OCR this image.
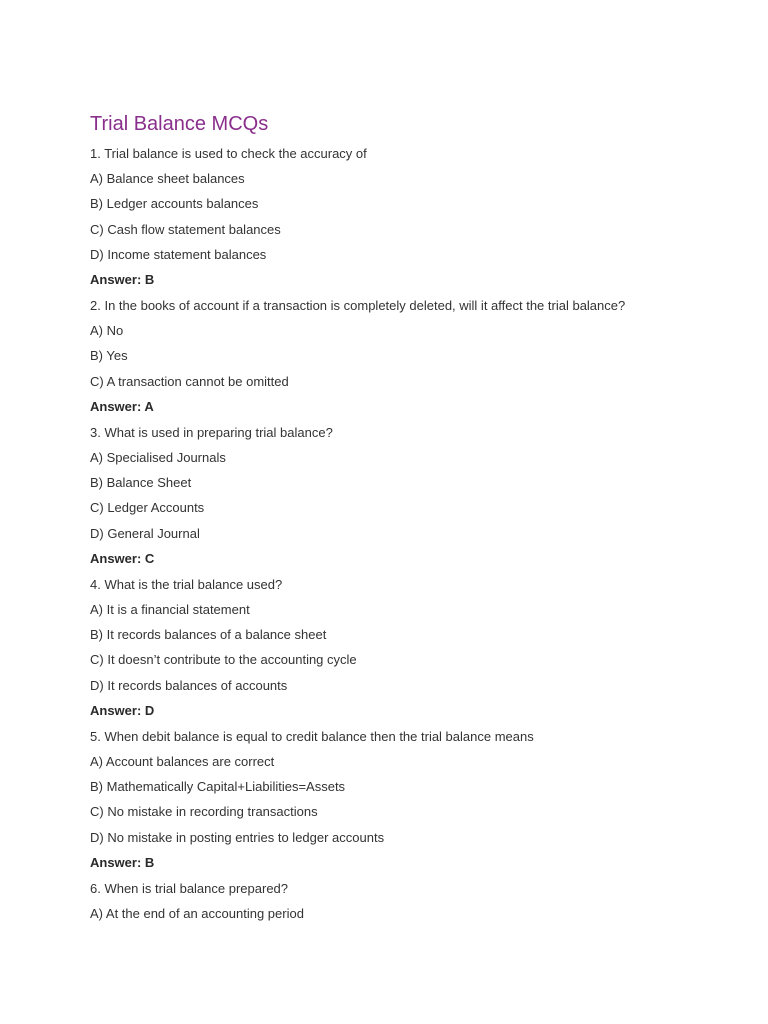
Trial Balance MCQs

1. Trial balance is used to check the accuracy of

A) Balance sheet balances

B) Ledger accounts balances

C) Cash flow statement balances

D) Income statement balances

Answer: B

2. In the books of account if a transaction is completely deleted, will it affect the trial balance?

A) No

B) Yes

C) A transaction cannot be omitted

Answer: A

3. What is used in preparing trial balance?

A) Specialised Journals

B) Balance Sheet

C) Ledger Accounts

D) General Journal

Answer: C

4. What is the trial balance used?

A) It is a financial statement

B) It records balances of a balance sheet

C) It doesn’t contribute to the accounting cycle

D) It records balances of accounts

Answer: D

5. When debit balance is equal to credit balance then the trial balance means

A) Account balances are correct

B) Mathematically Capital+Liabilities=Assets

C) No mistake in recording transactions

D) No mistake in posting entries to ledger accounts

Answer: B

6. When is trial balance prepared?

A) At the end of an accounting period
